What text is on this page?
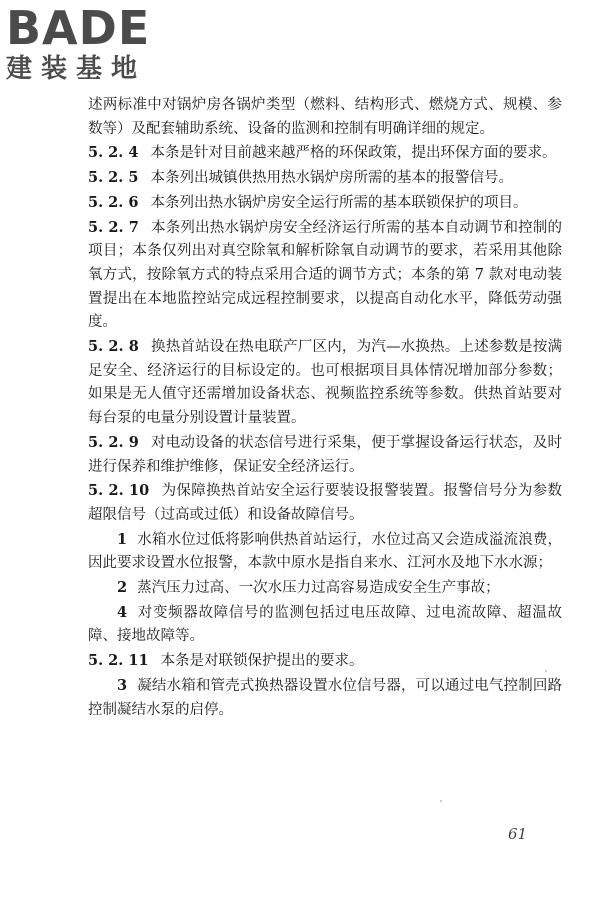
BADE
建装基地

述两标准中对锅炉房各锅炉类型（燃料、结构形式、燃烧方式、规模、参数等）及配套辅助系统、设备的监测和控制有明确详细的规定。

5. 2. 4 本条是针对目前越来越严格的环保政策，提出环保方面的要求。

5. 2. 5 本条列出城镇供热用热水锅炉房所需的基本的报警信号。

5. 2. 6 本条列出热水锅炉房安全运行所需的基本联锁保护的项目。

5. 2. 7 本条列出热水锅炉房安全经济运行所需的基本自动调节和控制的项目；本条仅列出对真空除氧和解析除氧自动调节的要求，若采用其他除氧方式，按除氧方式的特点采用合适的调节方式；本条的第 7 款对电动装置提出在本地监控站完成远程控制要求，以提高自动化水平，降低劳动强度。

5. 2. 8 换热首站设在热电联产厂区内，为汽—水换热。上述参数是按满足安全、经济运行的目标设定的。也可根据项目具体情况增加部分参数；如果是无人值守还需增加设备状态、视频监控系统等参数。供热首站要对每台泵的电量分别设置计量装置。

5. 2. 9 对电动设备的状态信号进行采集，便于掌握设备运行状态，及时进行保养和维护维修，保证安全经济运行。

5. 2. 10 为保障换热首站安全运行要装设报警装置。报警信号分为参数超限信号（过高或过低）和设备故障信号。

1 水箱水位过低将影响供热首站运行，水位过高又会造成溢流浪费，因此要求设置水位报警，本款中原水是指自来水、江河水及地下水水源；

2 蒸汽压力过高、一次水压力过高容易造成安全生产事故；

4 对变频器故障信号的监测包括过电压故障、过电流故障、超温故障、接地故障等。

5. 2. 11 本条是对联锁保护提出的要求。

3 凝结水箱和管壳式换热器设置水位信号器，可以通过电气控制回路控制凝结水泵的启停。

61
